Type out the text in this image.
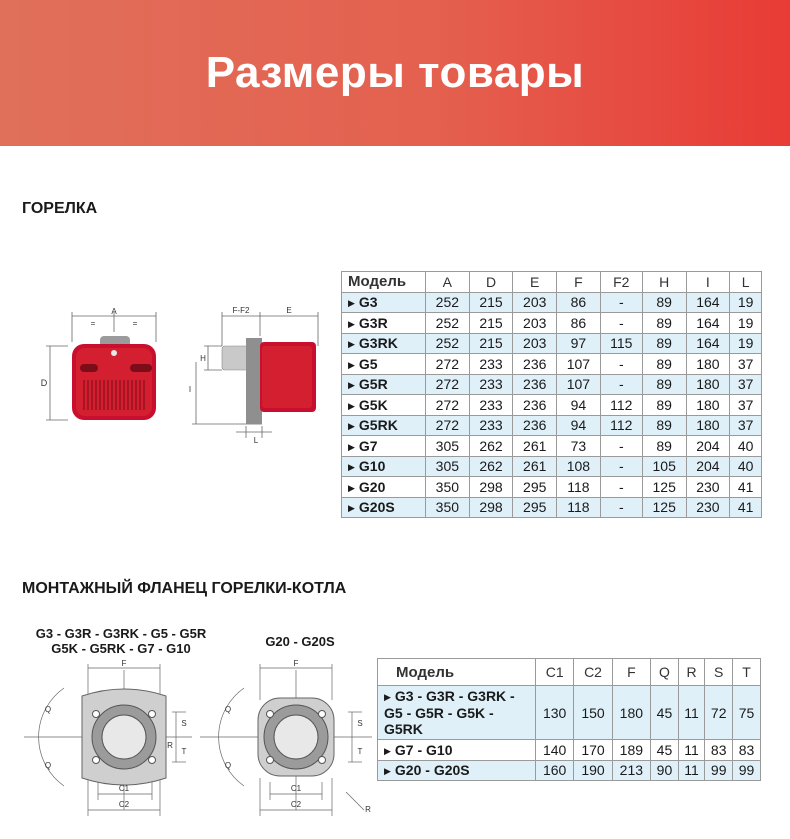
Размеры товары
ГОРЕЛКА
A
=	=
D
F-F2	E
H
I
L
Модель	A	D	E	F	F2	H	I	L
▶ G3	252	215	203	86	-	89	164	19
▶ G3R	252	215	203	86	-	89	164	19
▶ G3RK	252	215	203	97	115	89	164	19
▶ G5	272	233	236	107	-	89	180	37
▶ G5R	272	233	236	107	-	89	180	37
▶ G5K	272	233	236	94	112	89	180	37
▶ G5RK	272	233	236	94	112	89	180	37
▶ G7	305	262	261	73	-	89	204	40
▶ G10	305	262	261	108	-	105	204	40
▶ G20	350	298	295	118	-	125	230	41
▶ G20S	350	298	295	118	-	125	230	41
МОНТАЖНЫЙ ФЛАНЕЦ ГОРЕЛКИ-КОТЛА
G3 - G3R - G3RK - G5 - G5R
G5K - G5RK - G7 - G10	G20 - G20S
F
Q
Q
S
T
R
C1
C2
F
Q
Q
S
T
R
C1
C2
Модель	C1	C2	F	Q	R	S	T
▶ G3 - G3R - G3RK - G5 - G5R - G5K - G5RK	130	150	180	45	11	72	75
▶ G7 - G10	140	170	189	45	11	83	83
▶ G20 - G20S	160	190	213	90	11	99	99
